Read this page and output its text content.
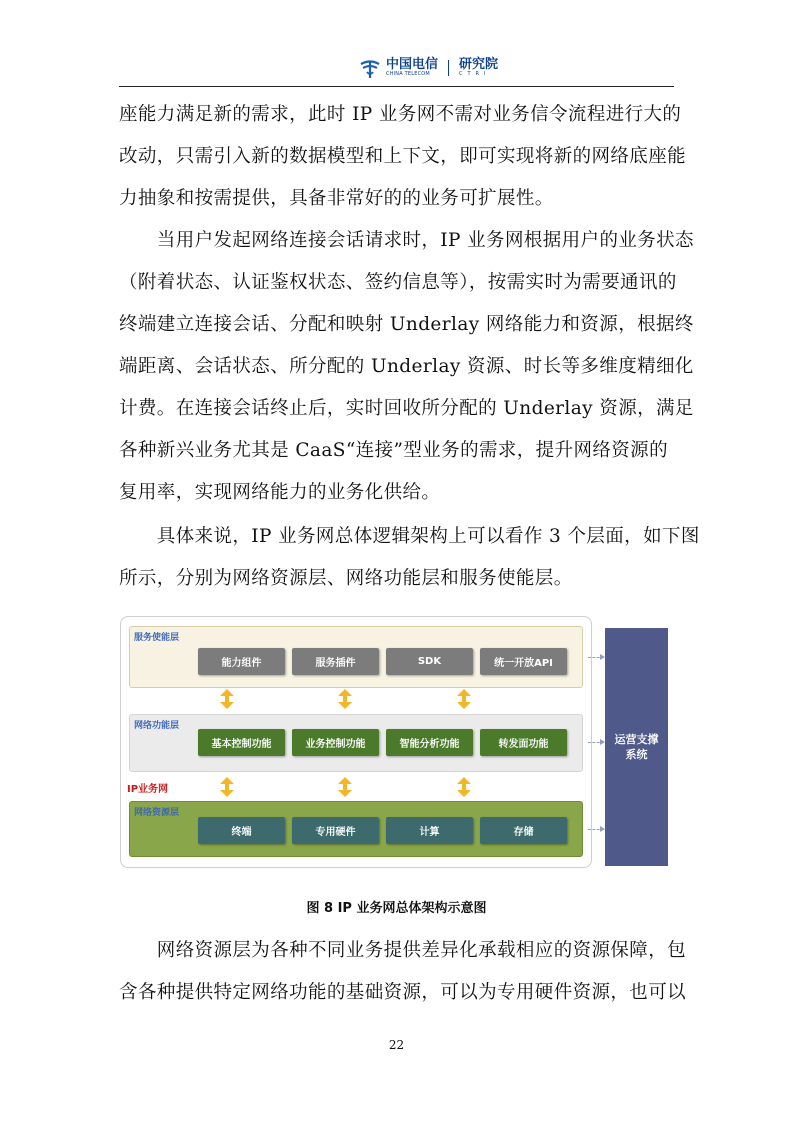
中国电信
CHINA TELECOM
研究院
CTRI
座能力满足新的需求，此时 IP 业务网不需对业务信令流程进行大的
改动，只需引入新的数据模型和上下文，即可实现将新的网络底座能
力抽象和按需提供，具备非常好的的业务可扩展性。
　　当用户发起网络连接会话请求时，IP 业务网根据用户的业务状态
（附着状态、认证鉴权状态、签约信息等），按需实时为需要通讯的
终端建立连接会话、分配和映射 Underlay 网络能力和资源，根据终
端距离、会话状态、所分配的 Underlay 资源、时长等多维度精细化
计费。在连接会话终止后，实时回收所分配的 Underlay 资源，满足
各种新兴业务尤其是 CaaS“连接”型业务的需求，提升网络资源的
复用率，实现网络能力的业务化供给。
　　具体来说，IP 业务网总体逻辑架构上可以看作 3 个层面，如下图
所示，分别为网络资源层、网络功能层和服务使能层。
服务使能层
能力组件	服务插件	SDK	统一开放API
网络功能层
基本控制功能	业务控制功能	智能分析功能	转发面功能
IP业务网
网络资源层
终端	专用硬件	计算	存储
运营支撑系统
图 8 IP 业务网总体架构示意图
　　网络资源层为各种不同业务提供差异化承载相应的资源保障，包
含各种提供特定网络功能的基础资源，可以为专用硬件资源，也可以
22
